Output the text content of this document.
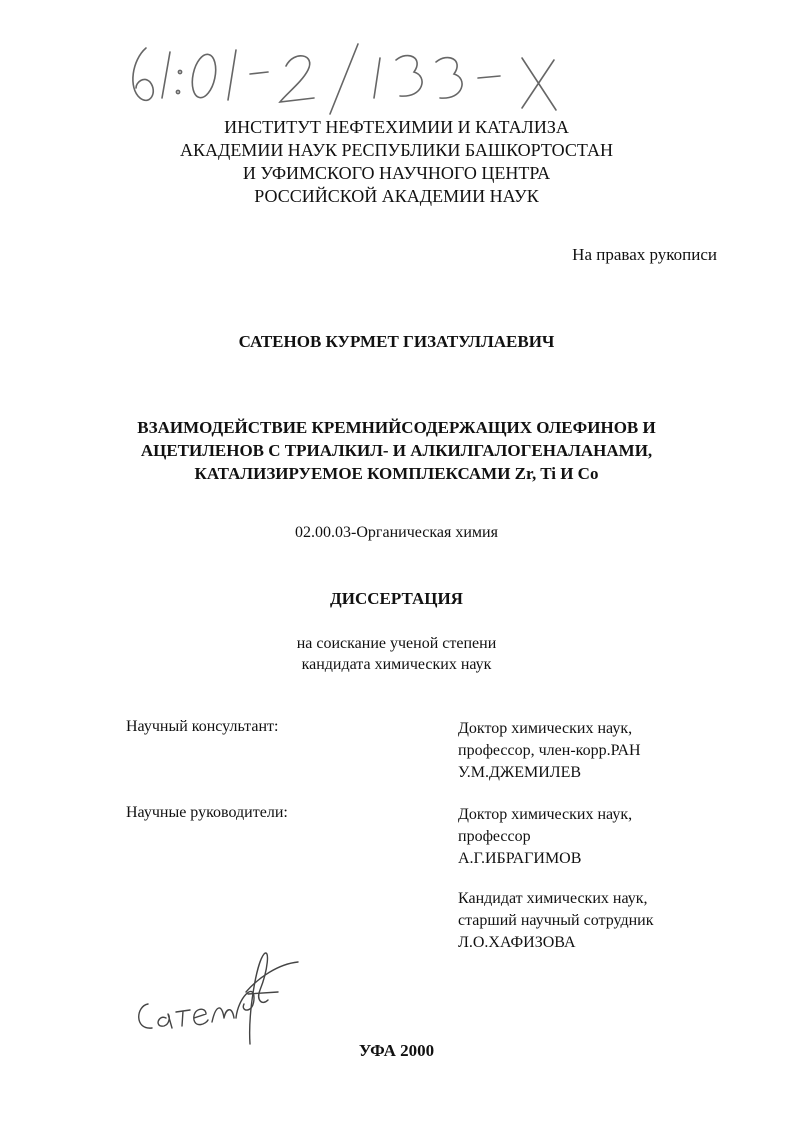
ИНСТИТУТ НЕФТЕХИМИИ И КАТАЛИЗА
АКАДЕМИИ НАУК РЕСПУБЛИКИ БАШКОРТОСТАН
И УФИМСКОГО НАУЧНОГО ЦЕНТРА
РОССИЙСКОЙ АКАДЕМИИ НАУК
На правах рукописи
САТЕНОВ КУРМЕТ ГИЗАТУЛЛАЕВИЧ
ВЗАИМОДЕЙСТВИЕ КРЕМНИЙСОДЕРЖАЩИХ ОЛЕФИНОВ И
АЦЕТИЛЕНОВ С ТРИАЛКИЛ- И АЛКИЛГАЛОГЕНАЛАНАМИ,
КАТАЛИЗИРУЕМОЕ КОМПЛЕКСАМИ Zr, Ti И Co
02.00.03-Органическая химия
ДИССЕРТАЦИЯ
на соискание ученой степени
кандидата химических наук
Научный консультант:	Доктор химических наук,
профессор, член-корр.РАН
У.М.ДЖЕМИЛЕВ
Научные руководители:	Доктор химических наук,
профессор
А.Г.ИБРАГИМОВ
Кандидат химических наук,
старший научный сотрудник
Л.О.ХАФИЗОВА
УФА 2000
